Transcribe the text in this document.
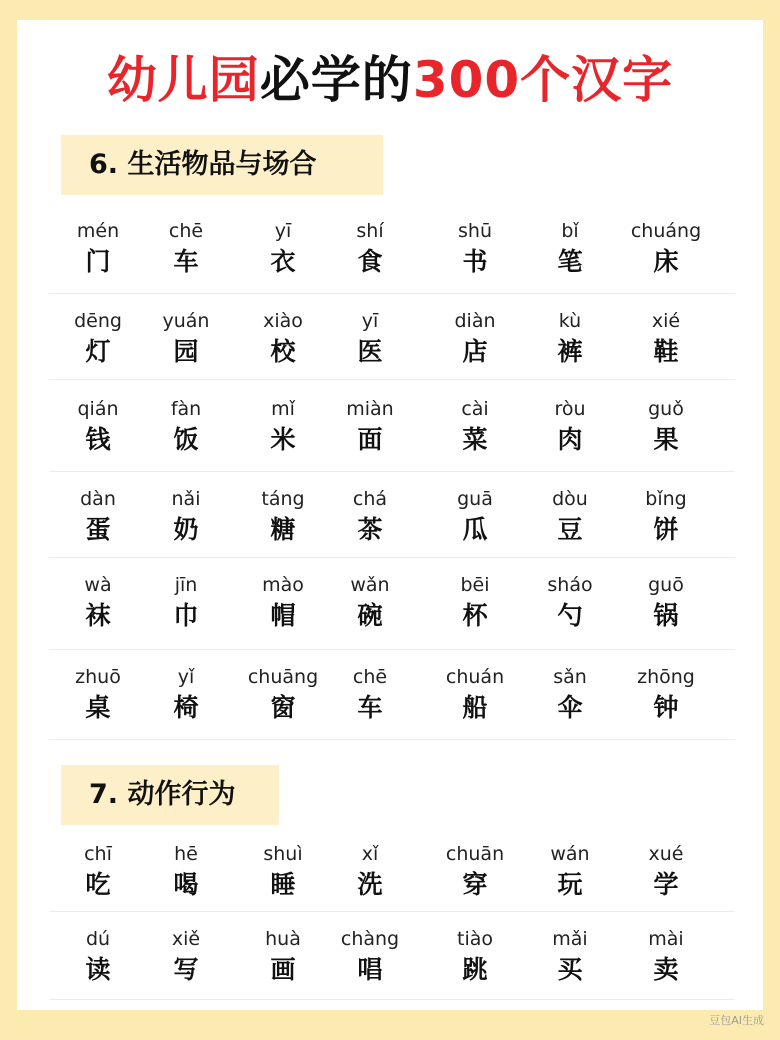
幼儿园必学的300个汉字
6. 生活物品与场合
mén
门
chē
车
yī
衣
shí
食
shū
书
bǐ
笔
chuáng
床
dēng
灯
yuán
园
xiào
校
yī
医
diàn
店
kù
裤
xié
鞋
qián
钱
fàn
饭
mǐ
米
miàn
面
cài
菜
ròu
肉
guǒ
果
dàn
蛋
nǎi
奶
táng
糖
chá
茶
guā
瓜
dòu
豆
bǐng
饼
wà
袜
jīn
巾
mào
帽
wǎn
碗
bēi
杯
sháo
勺
guō
锅
zhuō
桌
yǐ
椅
chuāng
窗
chē
车
chuán
船
sǎn
伞
zhōng
钟
7. 动作行为
chī
吃
hē
喝
shuì
睡
xǐ
洗
chuān
穿
wán
玩
xué
学
dú
读
xiě
写
huà
画
chàng
唱
tiào
跳
mǎi
买
mài
卖
豆包AI生成
